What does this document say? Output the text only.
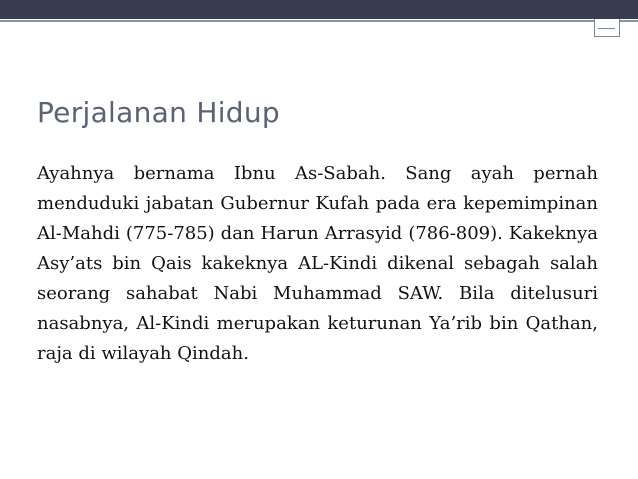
Perjalanan Hidup

Ayahnya bernama Ibnu As-Sabah. Sang ayah pernah menduduki jabatan Gubernur Kufah pada era kepemimpinan Al-Mahdi (775-785) dan Harun Arrasyid (786-809). Kakeknya Asy’ats bin Qais kakeknya AL-Kindi dikenal sebagah salah seorang sahabat Nabi Muhammad SAW. Bila ditelusuri nasabnya, Al-Kindi merupakan keturunan Ya’rib bin Qathan, raja di wilayah Qindah.
